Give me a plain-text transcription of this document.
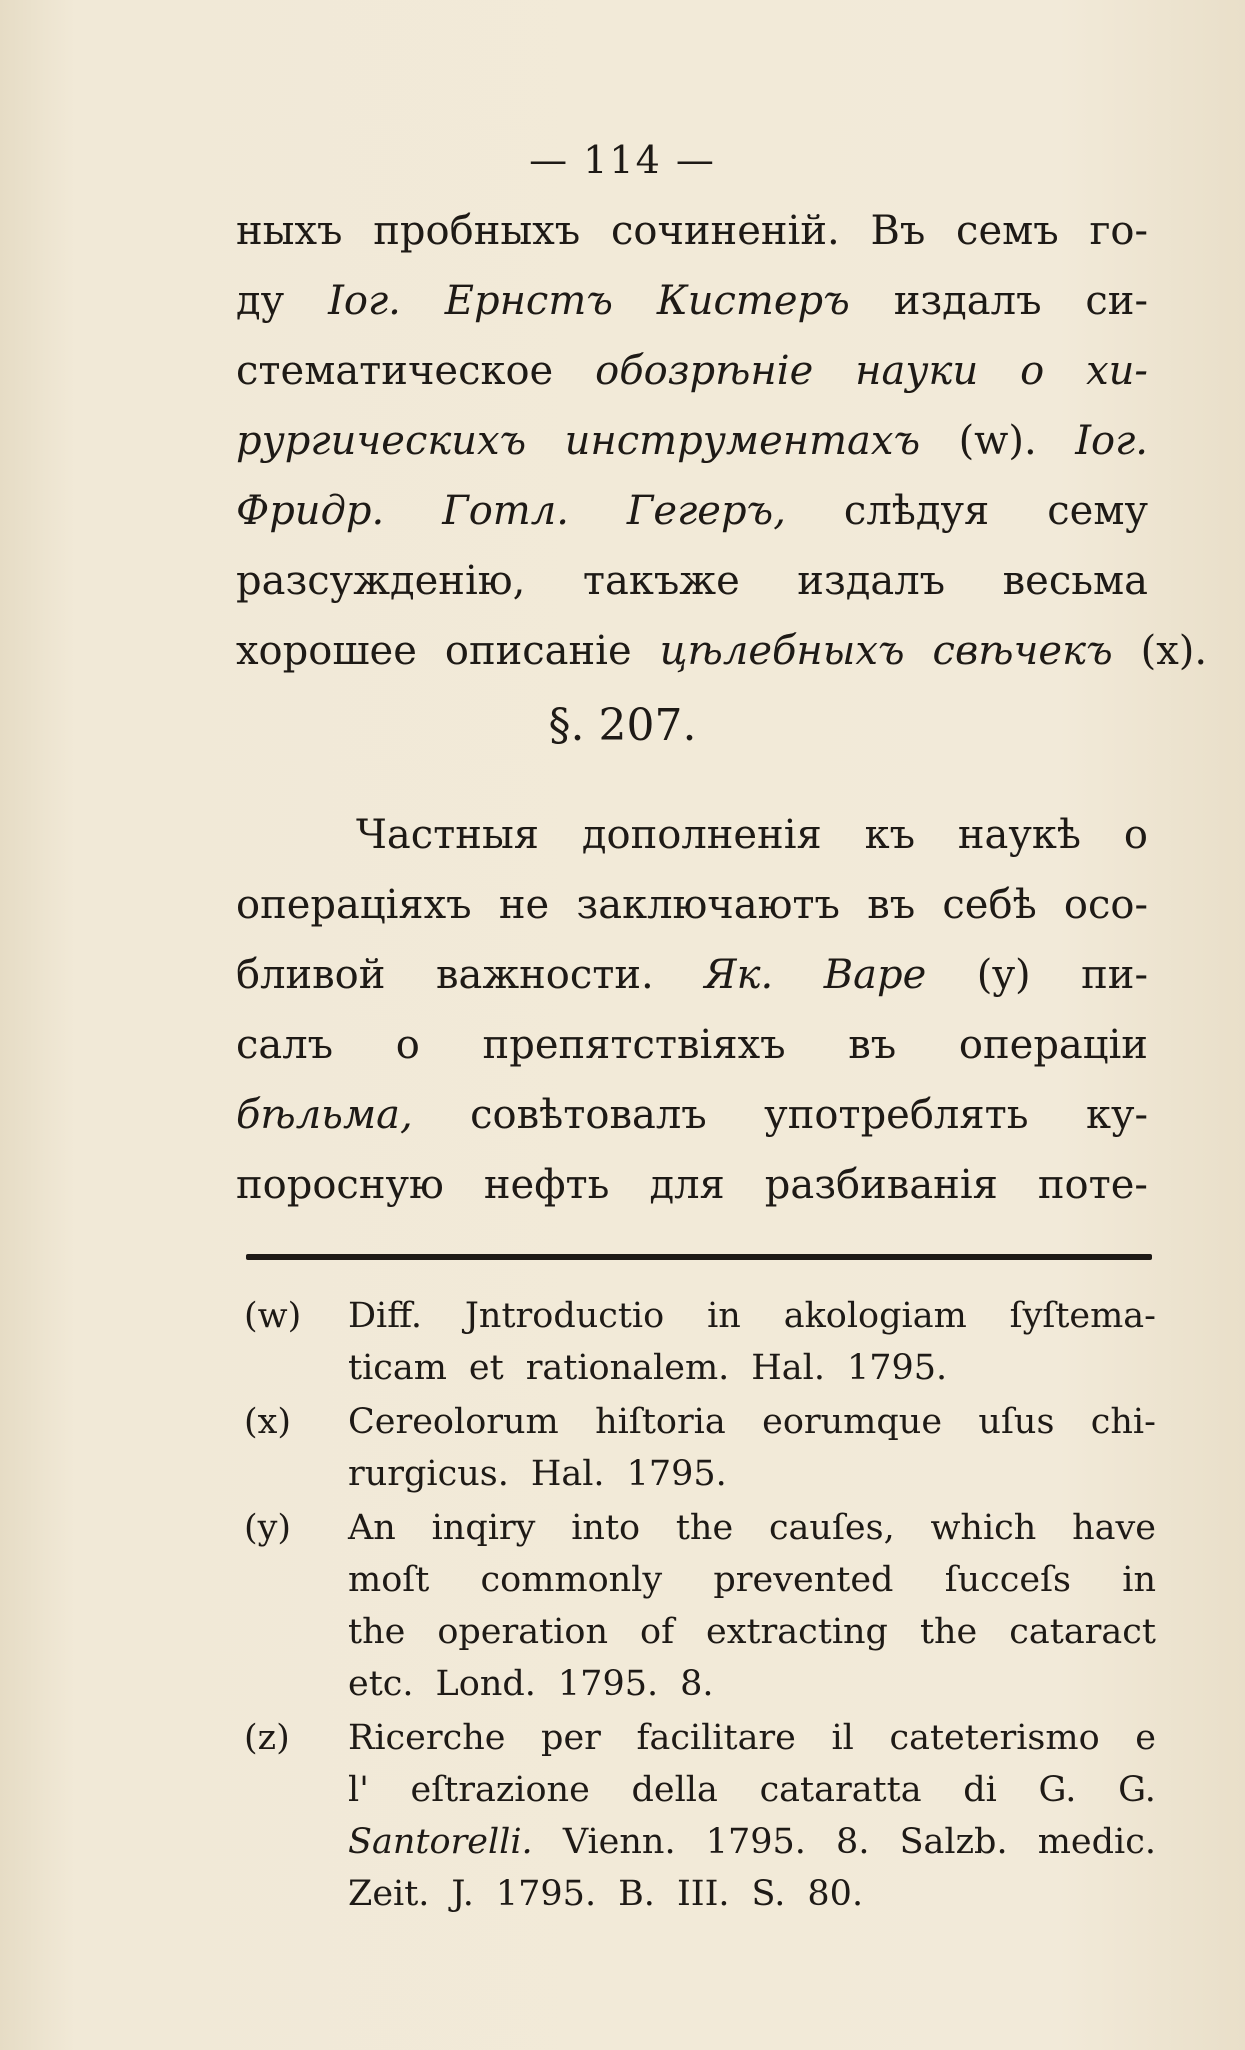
— 114 —
ныхъ пробныхъ сочиненій. Въ семъ го-
ду Іог. Ернстъ Кистеръ издалъ си-
стематическое обозрѣніе науки о хи-
рургическихъ инструментахъ (w). Іог.
Фридр. Готл. Гегеръ, слѣдуя сему
разсужденію, такъже издалъ весьма
хорошее описаніе цѣлебныхъ свѣчекъ (x).
§. 207.
Частныя дополненія къ наукѣ о
операціяхъ не заключаютъ въ себѣ осо-
бливой важности. Як. Варе (y) пи-
салъ о препятствіяхъ въ операціи
бѣльма, совѣтовалъ употреблять ку-
поросную нефть для разбиванія поте-
(w) Diff. Jntroductio in akologiam ſyſtema-
ticam et rationalem. Hal. 1795.
(x) Cereolorum hiſtoria eorumque uſus chi-
rurgicus. Hal. 1795.
(y) An inqiry into the cauſes, which have
moſt commonly prevented ſucceſs in
the operation of extracting the cataract
etc. Lond. 1795. 8.
(z) Ricerche per facilitare il cateterismo e
l' eſtrazione della cataratta di G. G.
Santorelli. Vienn. 1795. 8. Salzb. medic.
Zeit. J. 1795. B. III. S. 80.
